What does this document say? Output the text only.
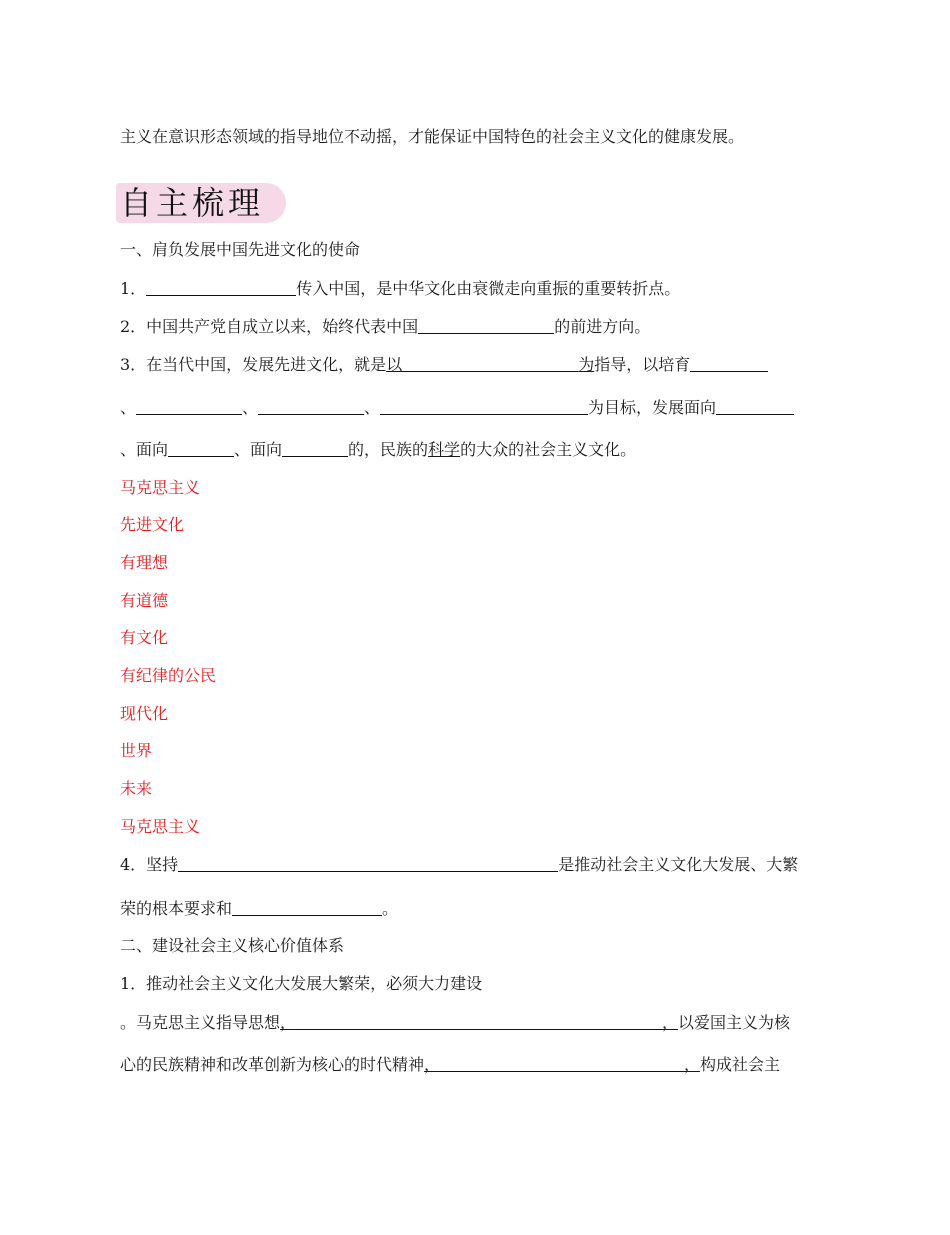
主义在意识形态领域的指导地位不动摇，才能保证中国特色的社会主义文化的健康发展。
自主梳理
一、肩负发展中国先进文化的使命
1．	传入中国，是中华文化由衰微走向重振的重要转折点。
2．中国共产党自成立以来，始终代表中国	的前进方向。
3．在当代中国，发展先进文化，就是以	为指导，以培育
、	、	、	为目标，发展面向
、面向	、面向	的，民族的科学的大众的社会主义文化。
马克思主义
先进文化
有理想
有道德
有文化
有纪律的公民
现代化
世界
未来
马克思主义
4．坚持	是推动社会主义文化大发展、大繁
荣的根本要求和	。
二、建设社会主义核心价值体系
1．推动社会主义文化大发展大繁荣，必须大力建设
。马克思主义指导思想，	，以爱国主义为核
心的民族精神和改革创新为核心的时代精神，	，构成社会主
